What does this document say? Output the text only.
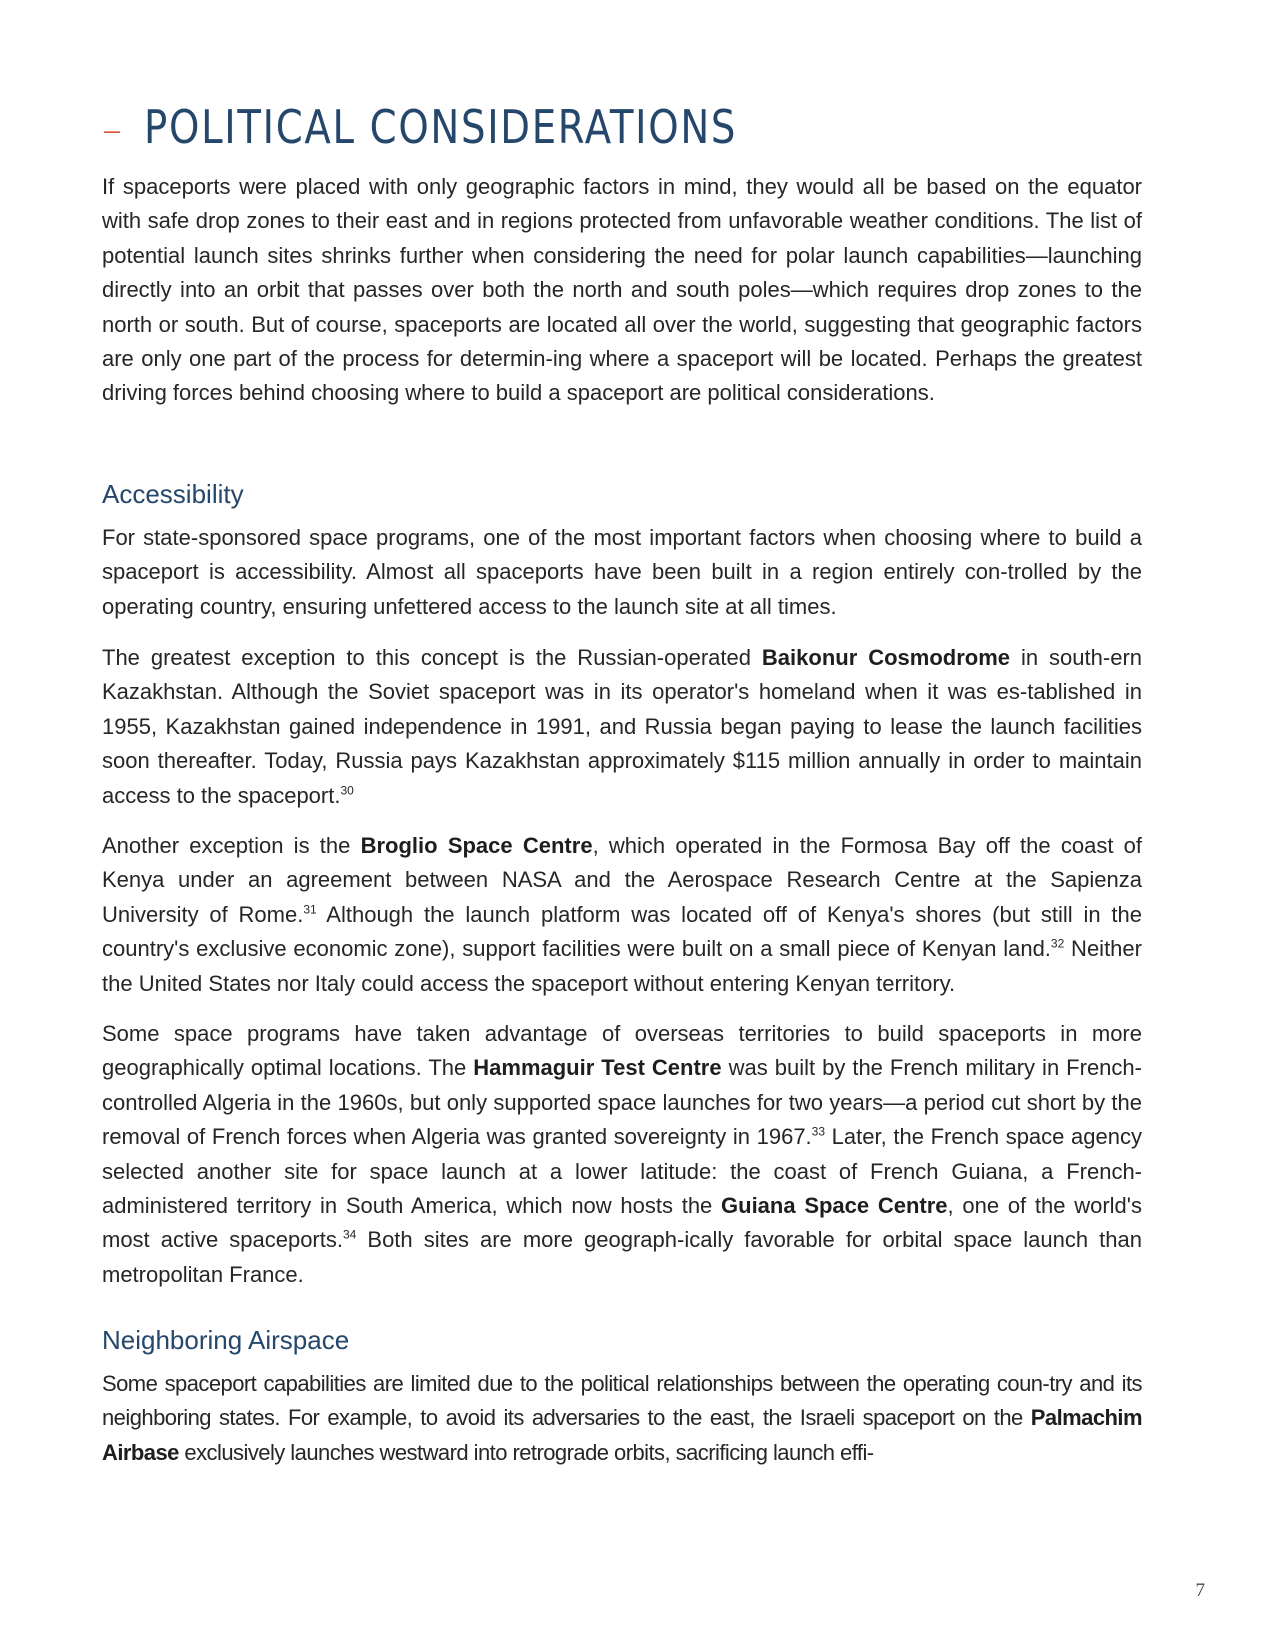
– POLITICAL CONSIDERATIONS

If spaceports were placed with only geographic factors in mind, they would all be based on the equator with safe drop zones to their east and in regions protected from unfavorable weather conditions. The list of potential launch sites shrinks further when considering the need for polar launch capabilities—launching directly into an orbit that passes over both the north and south poles—which requires drop zones to the north or south. But of course, spaceports are located all over the world, suggesting that geographic factors are only one part of the process for determin-ing where a spaceport will be located. Perhaps the greatest driving forces behind choosing where to build a spaceport are political considerations.

Accessibility

For state-sponsored space programs, one of the most important factors when choosing where to build a spaceport is accessibility. Almost all spaceports have been built in a region entirely con-trolled by the operating country, ensuring unfettered access to the launch site at all times.

The greatest exception to this concept is the Russian-operated Baikonur Cosmodrome in south-ern Kazakhstan. Although the Soviet spaceport was in its operator's homeland when it was es-tablished in 1955, Kazakhstan gained independence in 1991, and Russia began paying to lease the launch facilities soon thereafter. Today, Russia pays Kazakhstan approximately $115 million annually in order to maintain access to the spaceport.$^{30}$

Another exception is the Broglio Space Centre, which operated in the Formosa Bay off the coast of Kenya under an agreement between NASA and the Aerospace Research Centre at the Sapienza University of Rome.$^{31}$ Although the launch platform was located off of Kenya's shores (but still in the country's exclusive economic zone), support facilities were built on a small piece of Kenyan land.$^{32}$ Neither the United States nor Italy could access the spaceport without entering Kenyan territory.

Some space programs have taken advantage of overseas territories to build spaceports in more geographically optimal locations. The Hammaguir Test Centre was built by the French military in French-controlled Algeria in the 1960s, but only supported space launches for two years—a period cut short by the removal of French forces when Algeria was granted sovereignty in 1967.33 Later, the French space agency selected another site for space launch at a lower latitude: the coast of French Guiana, a French-administered territory in South America, which now hosts the Guiana Space Centre, one of the world's most active spaceports.$^{34}$ Both sites are more geograph-ically favorable for orbital space launch than metropolitan France.

Neighboring Airspace

Some spaceport capabilities are limited due to the political relationships between the operating coun-try and its neighboring states. For example, to avoid its adversaries to the east, the Israeli spaceport on the Palmachim Airbase exclusively launches westward into retrograde orbits, sacrificing launch effi-

7
